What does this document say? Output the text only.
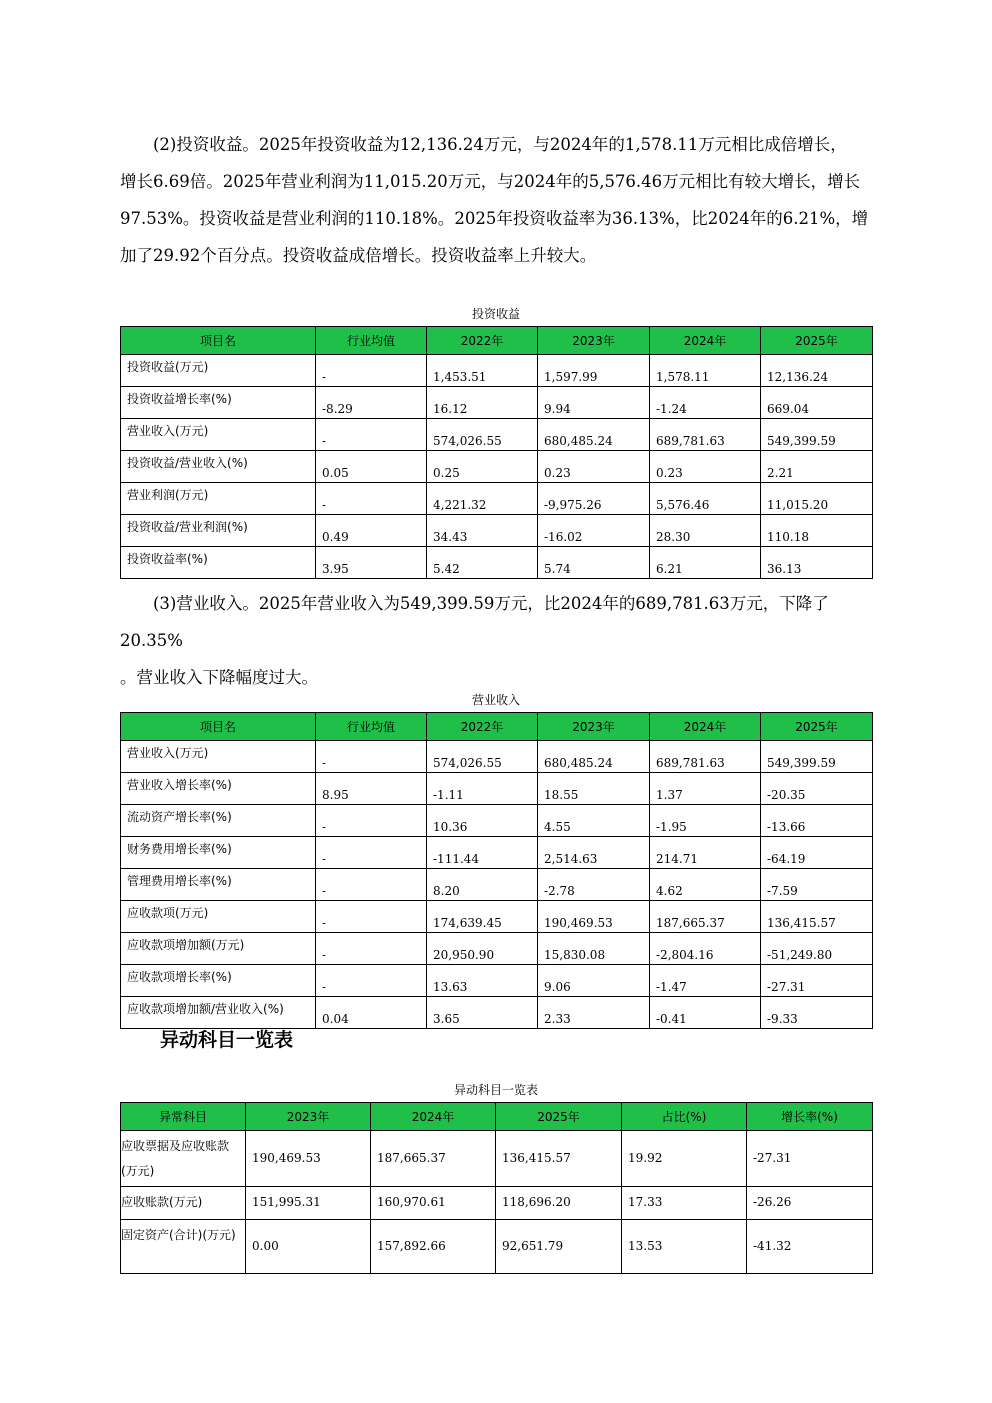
　　(2)投资收益。2025年投资收益为12,136.24万元，与2024年的1,578.11万元相比成倍增长，
增长6.69倍。2025年营业利润为11,015.20万元，与2024年的5,576.46万元相比有较大增长，增长
97.53%。投资收益是营业利润的110.18%。2025年投资收益率为36.13%，比2024年的6.21%，增
加了29.92个百分点。投资收益成倍增长。投资收益率上升较大。
投资收益
项目名	行业均值	2022年	2023年	2024年	2025年
投资收益(万元)	-	1,453.51	1,597.99	1,578.11	12,136.24
投资收益增长率(%)	-8.29	16.12	9.94	-1.24	669.04
营业收入(万元)	-	574,026.55	680,485.24	689,781.63	549,399.59
投资收益/营业收入(%)	0.05	0.25	0.23	0.23	2.21
营业利润(万元)	-	4,221.32	-9,975.26	5,576.46	11,015.20
投资收益/营业利润(%)	0.49	34.43	-16.02	28.30	110.18
投资收益率(%)	3.95	5.42	5.74	6.21	36.13
　　(3)营业收入。2025年营业收入为549,399.59万元，比2024年的689,781.63万元，下降了20.35%
。营业收入下降幅度过大。
营业收入
项目名	行业均值	2022年	2023年	2024年	2025年
营业收入(万元)	-	574,026.55	680,485.24	689,781.63	549,399.59
营业收入增长率(%)	8.95	-1.11	18.55	1.37	-20.35
流动资产增长率(%)	-	10.36	4.55	-1.95	-13.66
财务费用增长率(%)	-	-111.44	2,514.63	214.71	-64.19
管理费用增长率(%)	-	8.20	-2.78	4.62	-7.59
应收款项(万元)	-	174,639.45	190,469.53	187,665.37	136,415.57
应收款项增加额(万元)	-	20,950.90	15,830.08	-2,804.16	-51,249.80
应收款项增长率(%)	-	13.63	9.06	-1.47	-27.31
应收款项增加额/营业收入(%)	0.04	3.65	2.33	-0.41	-9.33
异动科目一览表
异动科目一览表
异常科目	2023年	2024年	2025年	占比(%)	增长率(%)
应收票据及应收账款(万元)	190,469.53	187,665.37	136,415.57	19.92	-27.31
应收账款(万元)	151,995.31	160,970.61	118,696.20	17.33	-26.26
固定资产(合计)(万元)	0.00	157,892.66	92,651.79	13.53	-41.32
